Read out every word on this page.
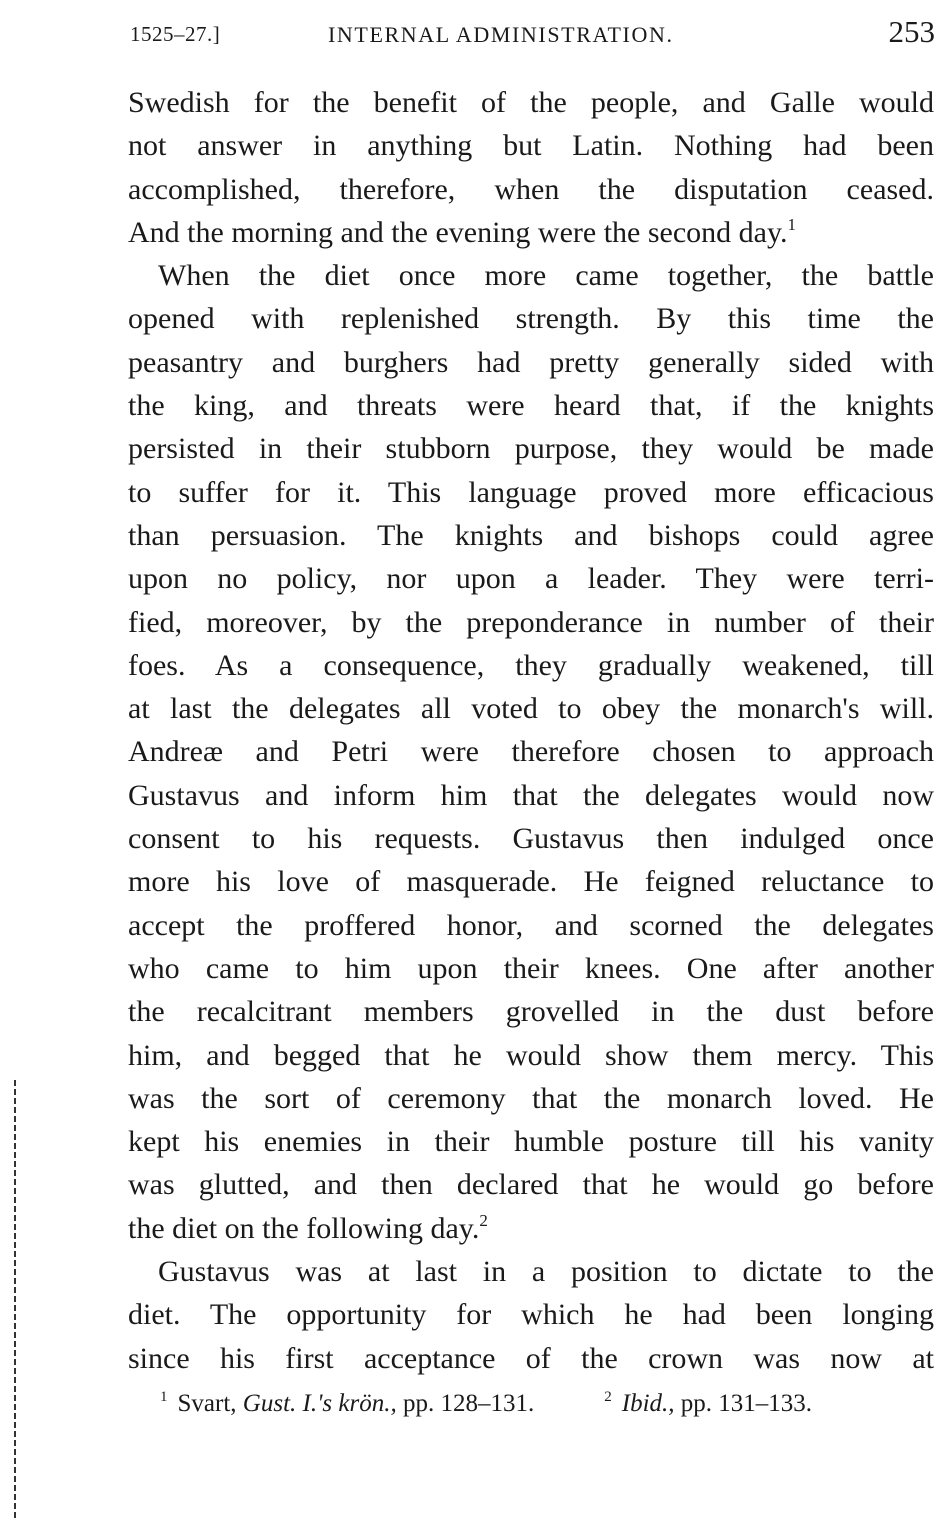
1525–27.]	INTERNAL ADMINISTRATION.	253
Swedish for the benefit of the people, and Galle would
not answer in anything but Latin. Nothing had been
accomplished, therefore, when the disputation ceased.
And the morning and the evening were the second day.$^1$
When the diet once more came together, the battle
opened with replenished strength. By this time the
peasantry and burghers had pretty generally sided with
the king, and threats were heard that, if the knights
persisted in their stubborn purpose, they would be made
to suffer for it. This language proved more efficacious
than persuasion. The knights and bishops could agree
upon no policy, nor upon a leader. They were terri-
fied, moreover, by the preponderance in number of their
foes. As a consequence, they gradually weakened, till
at last the delegates all voted to obey the monarch's will.
Andreæ and Petri were therefore chosen to approach
Gustavus and inform him that the delegates would now
consent to his requests. Gustavus then indulged once
more his love of masquerade. He feigned reluctance to
accept the proffered honor, and scorned the delegates
who came to him upon their knees. One after another
the recalcitrant members grovelled in the dust before
him, and begged that he would show them mercy. This
was the sort of ceremony that the monarch loved. He
kept his enemies in their humble posture till his vanity
was glutted, and then declared that he would go before
the diet on the following day.$^2$
Gustavus was at last in a position to dictate to the
diet. The opportunity for which he had been longing
since his first acceptance of the crown was now at
$^1$ Svart, Gust. I.'s krön., pp. 128–131.	$^2$ Ibid., pp. 131–133.
